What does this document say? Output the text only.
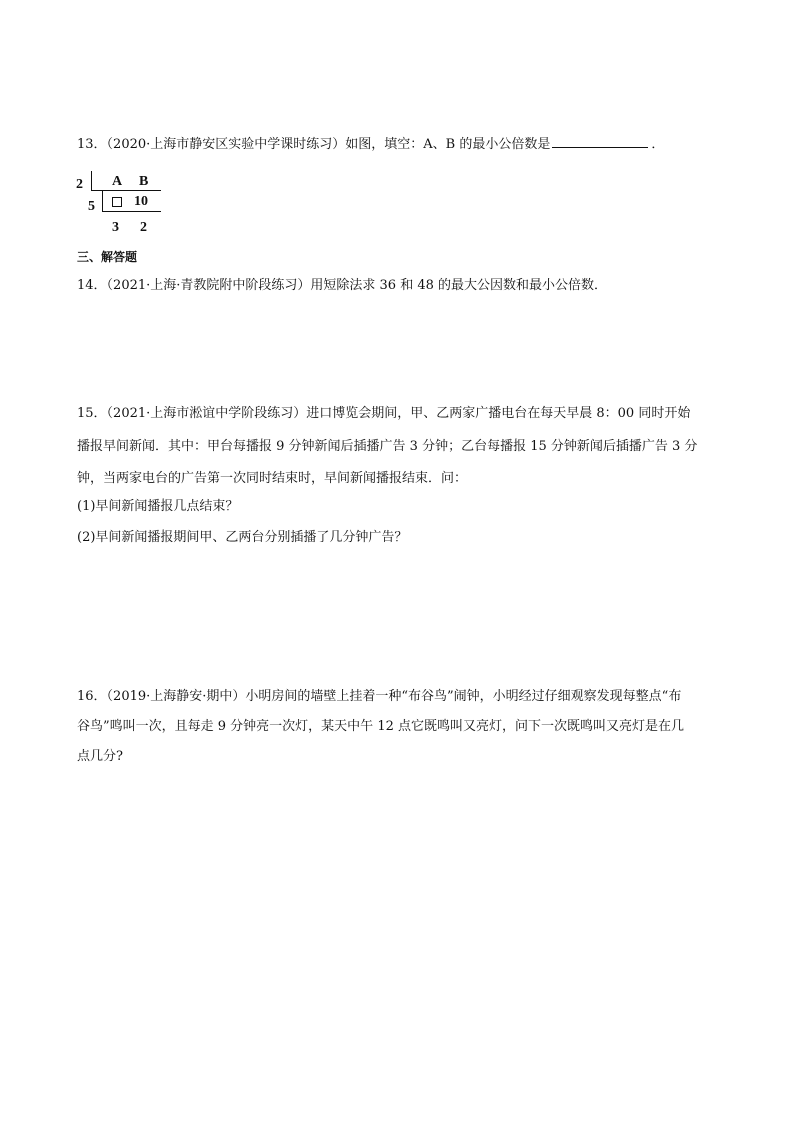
13．（2020·上海市静安区实验中学课时练习）如图，填空：A、B 的最小公倍数是	．
2 A B
5	10
3 2
三、解答题
14．（2021·上海·青教院附中阶段练习）用短除法求 36 和 48 的最大公因数和最小公倍数．
15．（2021·上海市淞谊中学阶段练习）进口博览会期间，甲、乙两家广播电台在每天早晨 8：00 同时开始
播报早间新闻．其中：甲台每播报 9 分钟新闻后插播广告 3 分钟；乙台每播报 15 分钟新闻后插播广告 3 分
钟，当两家电台的广告第一次同时结束时，早间新闻播报结束．问：
(1)早间新闻播报几点结束？
(2)早间新闻播报期间甲、乙两台分别插播了几分钟广告？
16．（2019·上海静安·期中）小明房间的墙壁上挂着一种“布谷鸟”闹钟，小明经过仔细观察发现每整点“布
谷鸟”鸣叫一次，且每走 9 分钟亮一次灯，某天中午 12 点它既鸣叫又亮灯，问下一次既鸣叫又亮灯是在几
点几分?
